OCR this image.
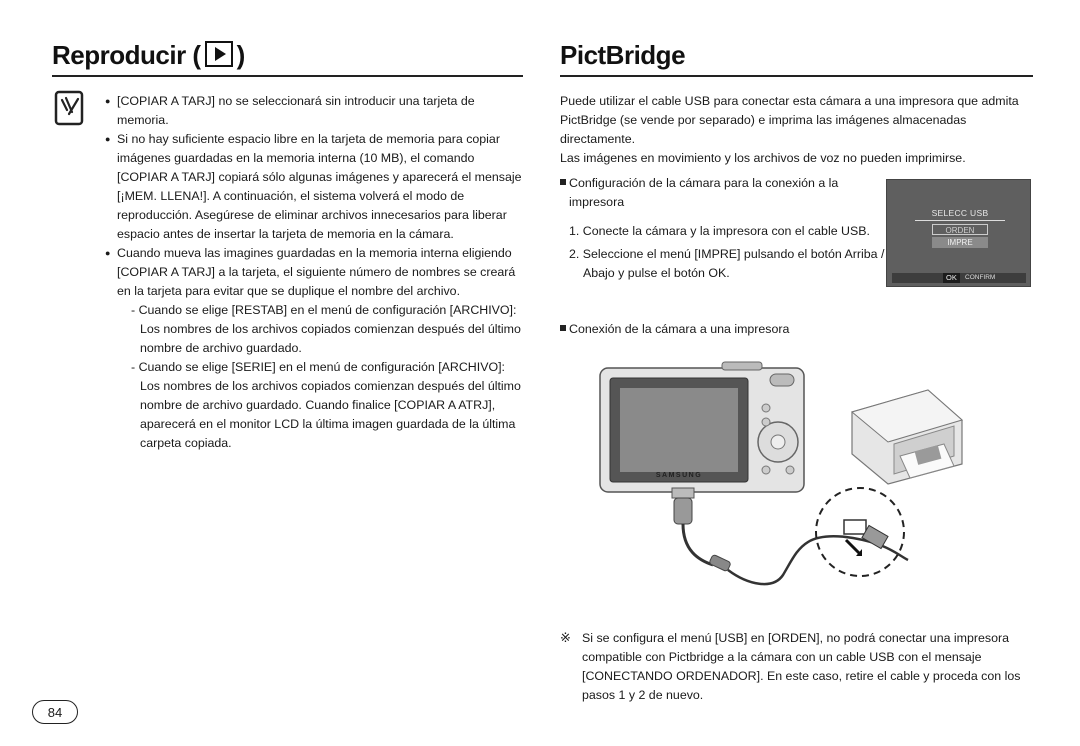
Reproducir ( )
● [COPIAR A TARJ] no se seleccionará sin introducir una tarjeta de memoria.
● Si no hay suficiente espacio libre en la tarjeta de memoria para copiar imágenes guardadas en la memoria interna (10 MB), el comando [COPIAR A TARJ] copiará sólo algunas imágenes y aparecerá el mensaje [¡MEM. LLENA!]. A continuación, el sistema volverá el modo de reproducción. Asegúrese de eliminar archivos innecesarios para liberar espacio antes de insertar la tarjeta de memoria en la cámara.
● Cuando mueva las imagines guardadas en la memoria interna eligiendo [COPIAR A TARJ] a la tarjeta, el siguiente número de nombres se creará en la tarjeta para evitar que se duplique el nombre del archivo.
- Cuando se elige [RESTAB] en el menú de configuración [ARCHIVO]: Los nombres de los archivos copiados comienzan después del último nombre de archivo guardado.
- Cuando se elige [SERIE] en el menú de configuración [ARCHIVO]: Los nombres de los archivos copiados comienzan después del último nombre de archivo guardado. Cuando finalice [COPIAR A ATRJ], aparecerá en el monitor LCD la última imagen guardada de la última carpeta copiada.
PictBridge
Puede utilizar el cable USB para conectar esta cámara a una impresora que admita PictBridge (se vende por separado) e imprima las imágenes almacenadas directamente.
Las imágenes en movimiento y los archivos de voz no pueden imprimirse.
Configuración de la cámara para la conexión a la impresora
1. Conecte la cámara y la impresora con el cable USB.
2. Seleccione el menú [IMPRE] pulsando el botón Arriba / Abajo y pulse el botón OK.
SELECC USB
ORDEN
IMPRE
OK	CONFIRM
Conexión de la cámara a una impresora
SAMSUNG
※ Si se configura el menú [USB] en [ORDEN], no podrá conectar una impresora compatible con Pictbridge a la cámara con un cable USB con el mensaje [CONECTANDO ORDENADOR]. En este caso, retire el cable y proceda con los pasos 1 y 2 de nuevo.
84
